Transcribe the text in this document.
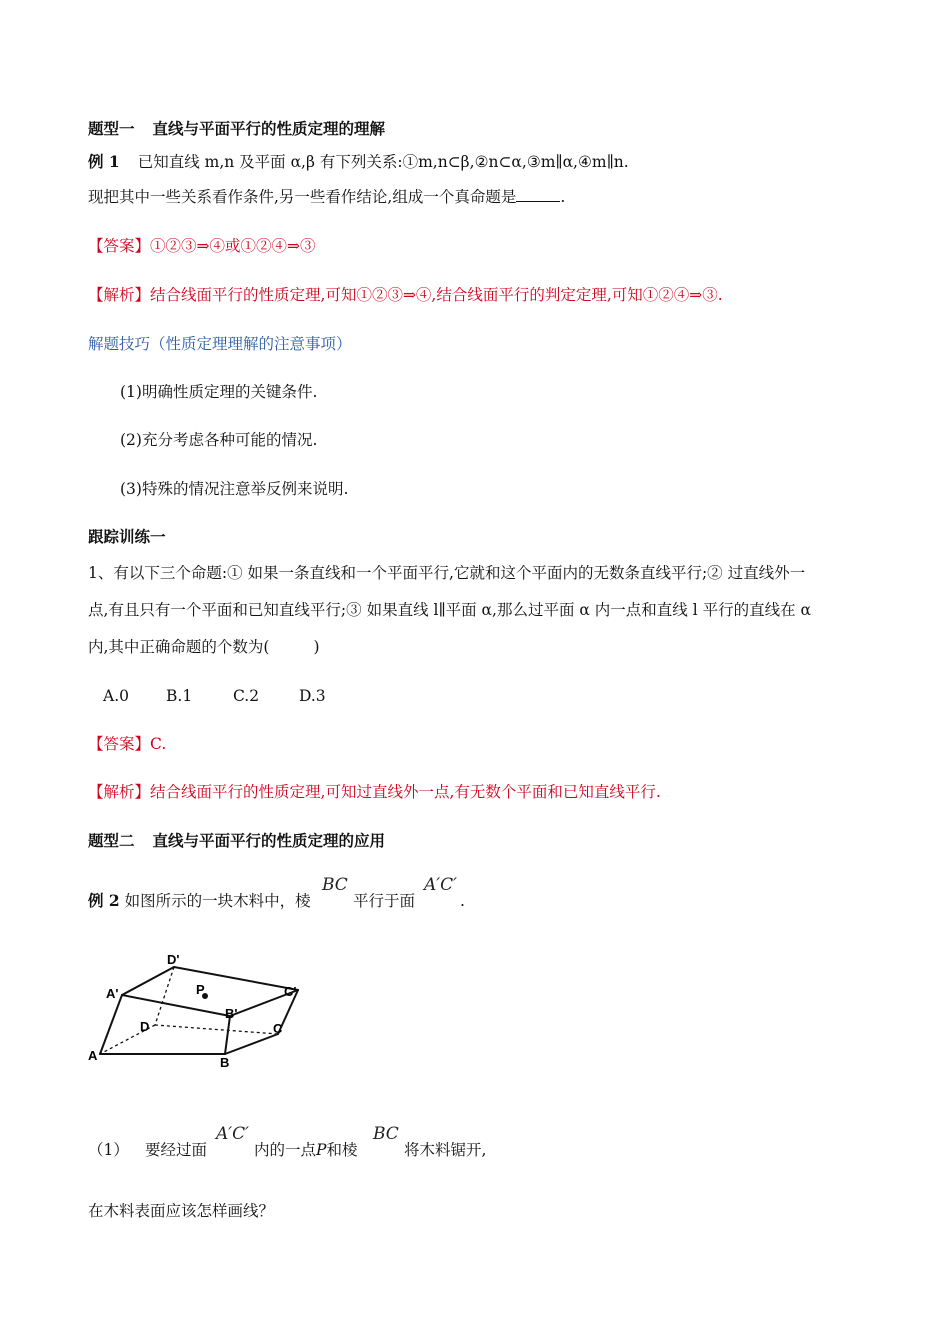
题型一 直线与平面平行的性质定理的理解
例 1 已知直线 m,n 及平面 α,β 有下列关系:①m,n⊂β,②n⊂α,③m∥α,④m∥n.
现把其中一些关系看作条件,另一些看作结论,组成一个真命题是	.
【答案】①②③⇒④或①②④⇒③
【解析】结合线面平行的性质定理,可知①②③⇒④,结合线面平行的判定定理,可知①②④⇒③.
解题技巧（性质定理理解的注意事项）
(1)明确性质定理的关键条件.
(2)充分考虑各种可能的情况.
(3)特殊的情况注意举反例来说明.
跟踪训练一
1、有以下三个命题:① 如果一条直线和一个平面平行,它就和这个平面内的无数条直线平行;② 过直线外一
点,有且只有一个平面和已知直线平行;③ 如果直线 l∥平面 α,那么过平面 α 内一点和直线 l 平行的直线在 α
内,其中正确命题的个数为(	)
A.0 B.1	C.2	D.3
【答案】C.
【解析】结合线面平行的性质定理,可知过直线外一点,有无数个平面和已知直线平行.
题型二 直线与平面平行的性质定理的应用
例 2 如图所示的一块木料中，棱
BC
平行于面
A′C′
.
D'
A'	P
B'
C'
D	C
A	B
（1） 要经过面
A′C′
内的一点P和棱
BC
将木料锯开,
在木料表面应该怎样画线？
